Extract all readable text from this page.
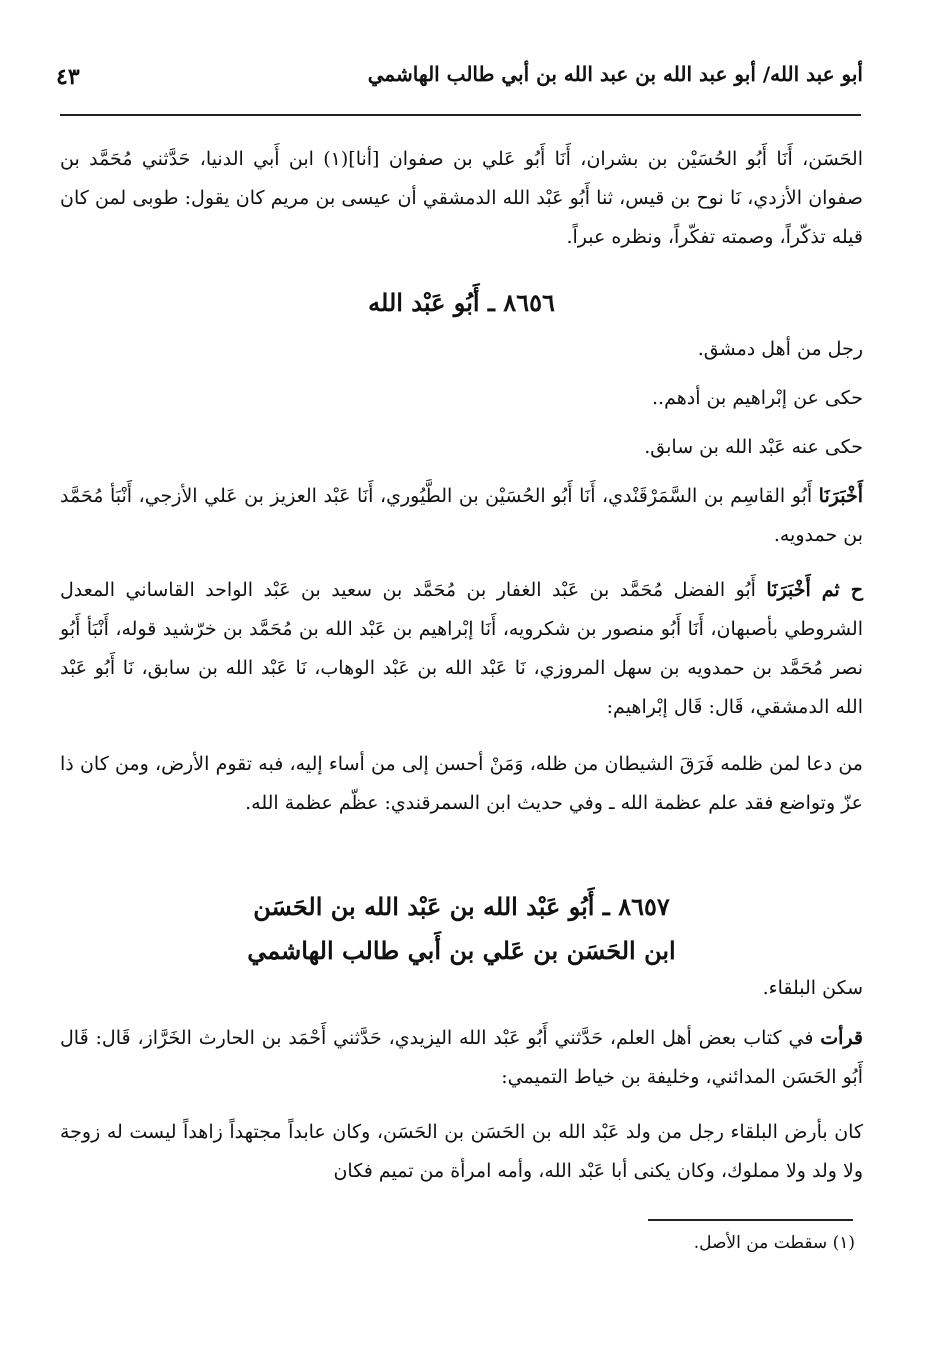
أبو عبد الله/ أبو عبد الله بن عبد الله بن أبي طالب الهاشمي
٤٣

الحَسَن، أَنَا أَبُو الحُسَيْن بن بشران، أَنَا أَبُو عَلي بن صفوان [أنا](١) ابن أَبي الدنيا، حَدَّثني مُحَمَّد بن صفوان الأزدي، نَا نوح بن قيس، ثنا أَبُو عَبْد الله الدمشقي أن عيسى بن مريم كان يقول: طوبى لمن كان قيله تذكّراً، وصمته تفكّراً، ونظره عبراً.

٨٦٥٦ ـ أَبُو عَبْد الله

رجل من أهل دمشق.

حكى عن إبْراهيم بن أدهم..

حكى عنه عَبْد الله بن سابق.

أَخْبَرَنَا أَبُو القاسِم بن السَّمَرْقَنْدي، أَنَا أَبُو الحُسَيْن بن الطَّيُوري، أَنَا عَبْد العزيز بن عَلي الأزجي، أَنْبَأ مُحَمَّد بن حمدويه.

ح ثم أَخْبَرَنَا أَبُو الفضل مُحَمَّد بن عَبْد الغفار بن مُحَمَّد بن سعيد بن عَبْد الواحد القاساني المعدل الشروطي بأصبهان، أَنَا أَبُو منصور بن شكرويه، أَنَا إبْراهيم بن عَبْد الله بن مُحَمَّد بن خرّشيد قوله، أَنْبَأ أَبُو نصر مُحَمَّد بن حمدويه بن سهل المروزي، نَا عَبْد الله بن عَبْد الوهاب، نَا عَبْد الله بن سابق، نَا أَبُو عَبْد الله الدمشقي، قَال: قَال إبْراهيم:

من دعا لمن ظلمه فَرَقَ الشيطان من ظله، وَمَنْ أحسن إلى من أساء إليه، فبه تقوم الأرض، ومن كان ذا عزّ وتواضع فقد علم عظمة الله ـ وفي حديث ابن السمرقندي: عظّم عظمة الله.

٨٦٥٧ ـ أَبُو عَبْد الله بن عَبْد الله بن الحَسَن
ابن الحَسَن بن عَلي بن أَبي طالب الهاشمي

سكن البلقاء.

قرأت في كتاب بعض أهل العلم، حَدَّثني أَبُو عَبْد الله اليزيدي، حَدَّثني أَحْمَد بن الحارث الخَرَّاز، قَال: قَال أَبُو الحَسَن المدائني، وخليفة بن خياط التميمي:

كان بأرض البلقاء رجل من ولد عَبْد الله بن الحَسَن بن الحَسَن، وكان عابداً مجتهداً زاهداً ليست له زوجة ولا ولد ولا مملوك، وكان يكنى أبا عَبْد الله، وأمه امرأة من تميم فكان

(١) سقطت من الأصل.
